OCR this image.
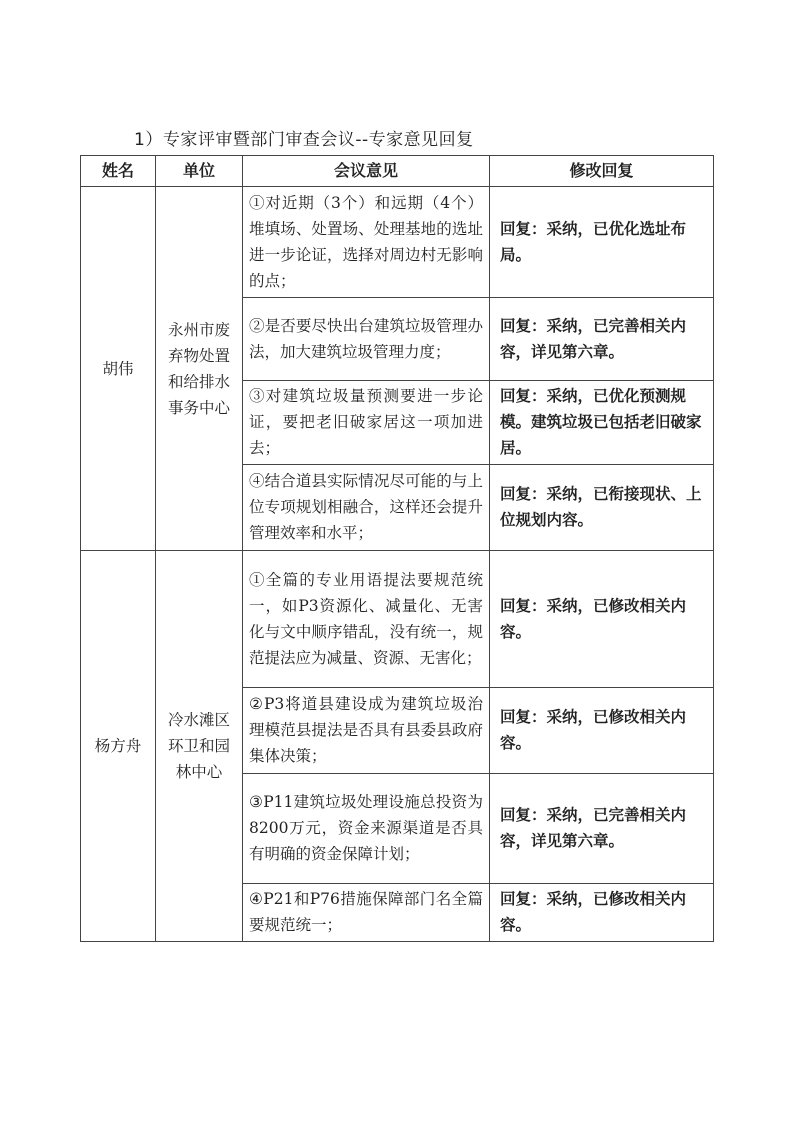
1）专家评审暨部门审查会议--专家意见回复
姓名	单位	会议意见	修改回复
胡伟	永州市废弃物处置和给排水事务中心	①对近期（3个）和远期（4个）堆填场、处置场、处理基地的选址进一步论证，选择对周边村无影响的点；	回复：采纳，已优化选址布局。
		②是否要尽快出台建筑垃圾管理办法，加大建筑垃圾管理力度；	回复：采纳，已完善相关内容，详见第六章。
		③对建筑垃圾量预测要进一步论证，要把老旧破家居这一项加进去；	回复：采纳，已优化预测规模。建筑垃圾已包括老旧破家居。
		④结合道县实际情况尽可能的与上位专项规划相融合，这样还会提升管理效率和水平；	回复：采纳，已衔接现状、上位规划内容。
杨方舟	冷水滩区环卫和园林中心	①全篇的专业用语提法要规范统一，如P3资源化、减量化、无害化与文中顺序错乱，没有统一，规范提法应为减量、资源、无害化；	回复：采纳，已修改相关内容。
		②P3将道县建设成为建筑垃圾治理模范县提法是否具有县委县政府集体决策；	回复：采纳，已修改相关内容。
		③P11建筑垃圾处理设施总投资为8200万元，资金来源渠道是否具有明确的资金保障计划；	回复：采纳，已完善相关内容，详见第六章。
		④P21和P76措施保障部门名全篇要规范统一；	回复：采纳，已修改相关内容。
